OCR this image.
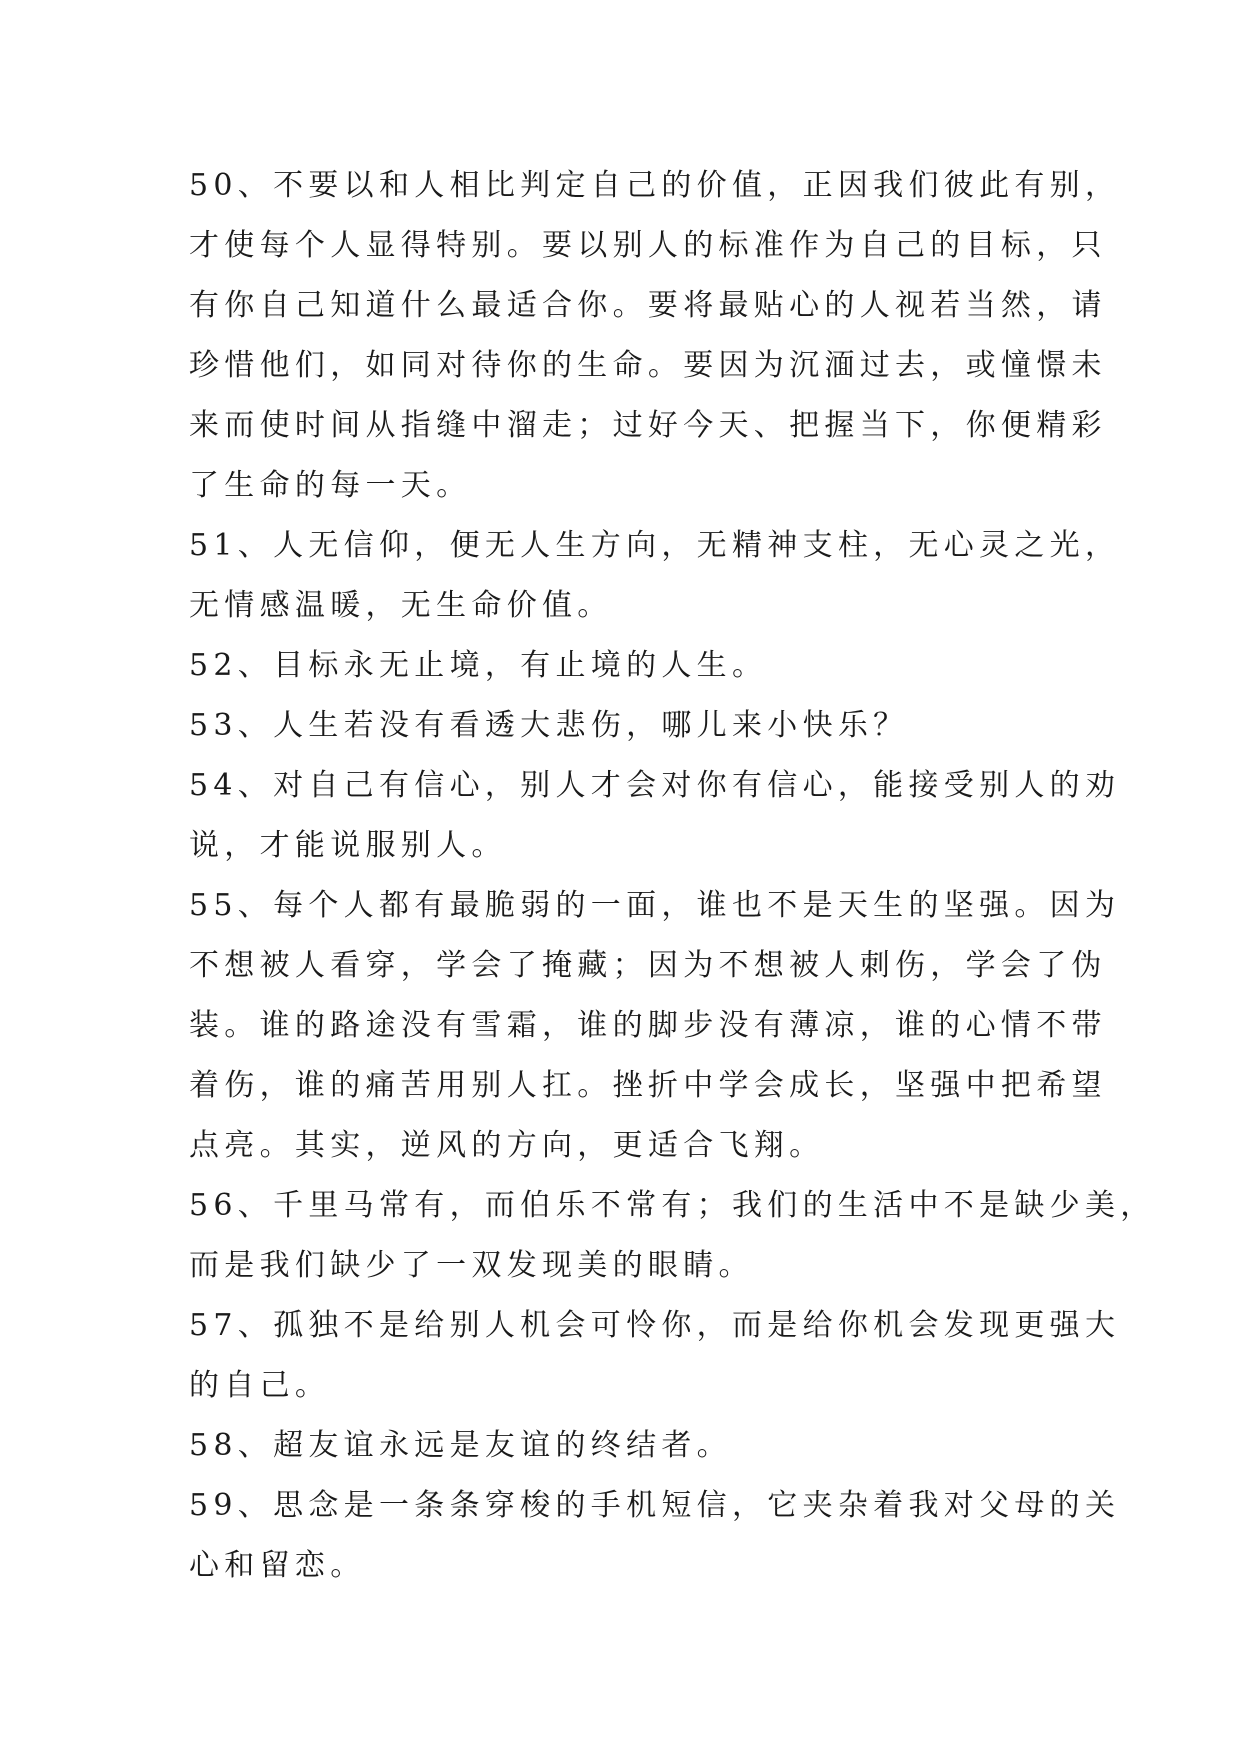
50、不要以和人相比判定自己的价值，正因我们彼此有别，
才使每个人显得特别。要以别人的标准作为自己的目标，只
有你自己知道什么最适合你。要将最贴心的人视若当然，请
珍惜他们，如同对待你的生命。要因为沉湎过去，或憧憬未
来而使时间从指缝中溜走；过好今天、把握当下，你便精彩
了生命的每一天。
51、人无信仰，便无人生方向，无精神支柱，无心灵之光，
无情感温暖，无生命价值。
52、目标永无止境，有止境的人生。
53、人生若没有看透大悲伤，哪儿来小快乐？
54、对自己有信心，别人才会对你有信心，能接受别人的劝
说，才能说服别人。
55、每个人都有最脆弱的一面，谁也不是天生的坚强。因为
不想被人看穿，学会了掩藏；因为不想被人刺伤，学会了伪
装。谁的路途没有雪霜，谁的脚步没有薄凉，谁的心情不带
着伤，谁的痛苦用别人扛。挫折中学会成长，坚强中把希望
点亮。其实，逆风的方向，更适合飞翔。
56、千里马常有，而伯乐不常有；我们的生活中不是缺少美，
而是我们缺少了一双发现美的眼睛。
57、孤独不是给别人机会可怜你，而是给你机会发现更强大
的自己。
58、超友谊永远是友谊的终结者。
59、思念是一条条穿梭的手机短信，它夹杂着我对父母的关
心和留恋。
